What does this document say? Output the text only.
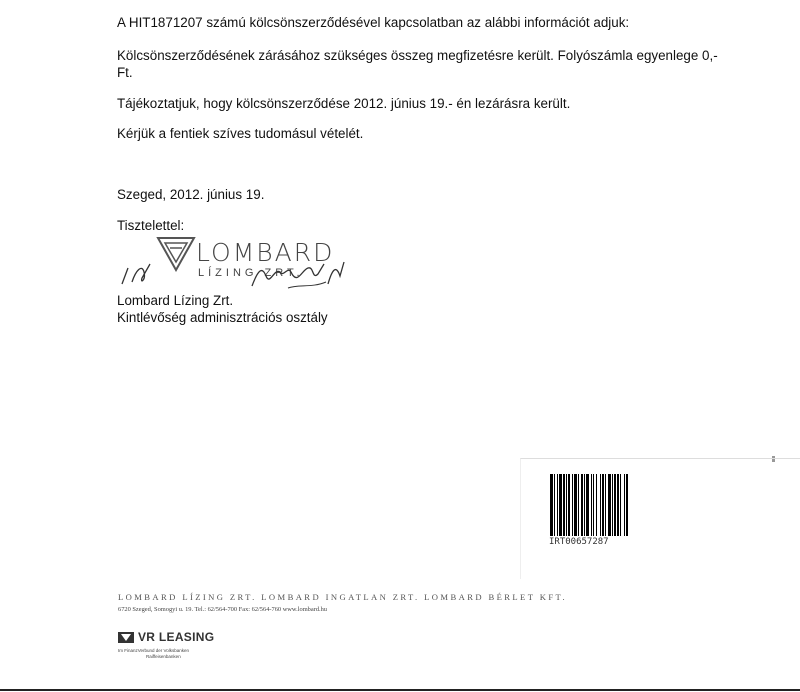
A HIT1871207 számú kölcsönszerződésével kapcsolatban az alábbi információt adjuk:

Kölcsönszerződésének zárásához szükséges összeg megfizetésre került. Folyószámla egyenlege 0,- Ft.

Tájékoztatjuk, hogy kölcsönszerződése 2012. június 19.- én lezárásra került.

Kérjük a fentiek szíves tudomásul vételét.

Szeged, 2012. június 19.

Tisztelettel:

LOMBARD
LÍZING ZRT.

Lombard Lízing Zrt.
Kintlévőség adminisztrációs osztály

IRT00657287
LOMBARD LÍZING ZRT. LOMBARD INGATLAN ZRT. LOMBARD BÉRLET KFT.
6720 Szeged, Somogyi u. 19. Tel.: 62/564-700 Fax: 62/564-760 www.lombard.hu
VR LEASING
Im FinanzVerbund der Volksbanken
Raiffeisenbanken
